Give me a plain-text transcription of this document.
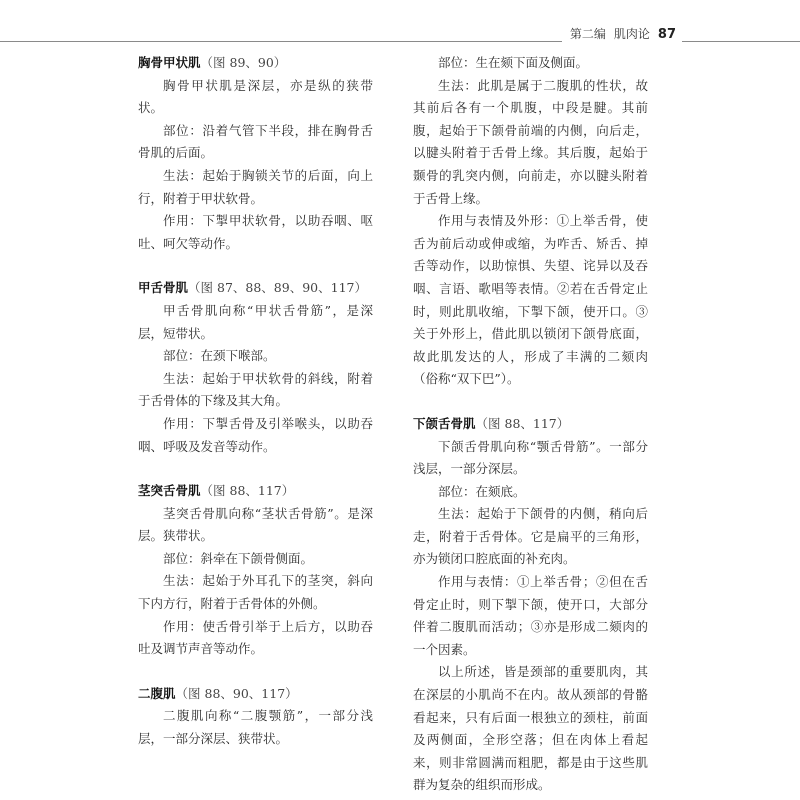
第二编 肌肉论 87

胸骨甲状肌（图 89、90）

胸骨甲状肌是深层，亦是纵的狭带状。

部位：沿着气管下半段，排在胸骨舌骨肌的后面。

生法：起始于胸锁关节的后面，向上行，附着于甲状软骨。

作用：下掣甲状软骨，以助吞咽、呕吐、呵欠等动作。

甲舌骨肌（图 87、88、89、90、117）

甲舌骨肌向称“甲状舌骨筋”，是深层，短带状。

部位：在颈下喉部。

生法：起始于甲状软骨的斜线，附着于舌骨体的下缘及其大角。

作用：下掣舌骨及引举喉头，以助吞咽、呼吸及发音等动作。

茎突舌骨肌（图 88、117）

茎突舌骨肌向称“茎状舌骨筋”。是深层。狭带状。

部位：斜牵在下颌骨侧面。

生法：起始于外耳孔下的茎突，斜向下内方行，附着于舌骨体的外侧。

作用：使舌骨引举于上后方，以助吞吐及调节声音等动作。

二腹肌（图 88、90、117）

二腹肌向称“二腹颚筋”，一部分浅层，一部分深层、狭带状。

部位：生在颏下面及侧面。

生法：此肌是属于二腹肌的性状，故其前后各有一个肌腹，中段是腱。其前腹，起始于下颌骨前端的内侧，向后走，以腱头附着于舌骨上缘。其后腹，起始于颞骨的乳突内侧，向前走，亦以腱头附着于舌骨上缘。

作用与表情及外形：①上举舌骨，使舌为前后动或伸或缩，为咋舌、矫舌、掉舌等动作，以助惊惧、失望、诧异以及吞咽、言语、歌唱等表情。②若在舌骨定止时，则此肌收缩，下掣下颌，使开口。③关于外形上，借此肌以锁闭下颌骨底面，故此肌发达的人，形成了丰满的二颏肉（俗称“双下巴”）。

下颌舌骨肌（图 88、117）

下颌舌骨肌向称“颚舌骨筋”。一部分浅层，一部分深层。

部位：在颏底。

生法：起始于下颌骨的内侧，稍向后走，附着于舌骨体。它是扁平的三角形，亦为锁闭口腔底面的补充肉。

作用与表情：①上举舌骨；②但在舌骨定止时，则下掣下颌，使开口，大部分伴着二腹肌而活动；③亦是形成二颏肉的一个因素。

以上所述，皆是颈部的重要肌肉，其在深层的小肌尚不在内。故从颈部的骨骼看起来，只有后面一根独立的颈柱，前面及两侧面，全形空落；但在肉体上看起来，则非常圆满而粗肥，都是由于这些肌群为复杂的组织而形成。
